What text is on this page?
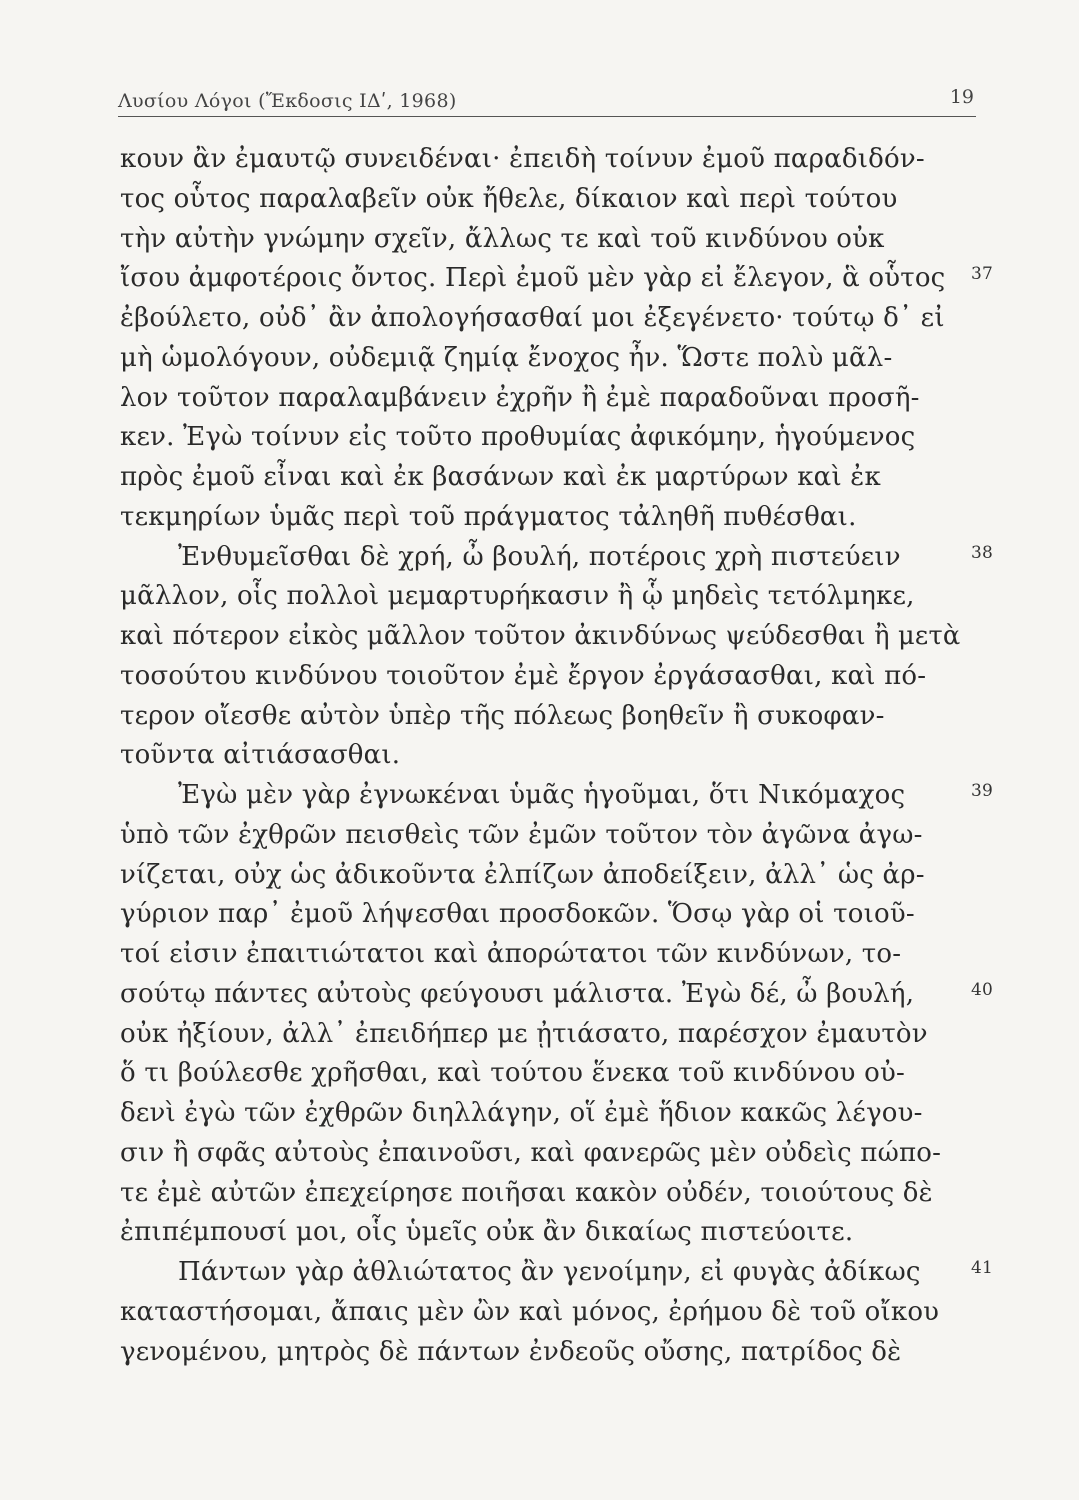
Λυσίου Λόγοι (Ἔκδοσις ΙΔʹ, 1968)	19
κουν ἂν ἐμαυτῷ συνειδέναι· ἐπειδὴ τοίνυν ἐμοῦ παραδιδόν-
τος οὗτος παραλαβεῖν οὐκ ἤθελε, δίκαιον καὶ περὶ τούτου
τὴν αὐτὴν γνώμην σχεῖν, ἄλλως τε καὶ τοῦ κινδύνου οὐκ
ἴσου ἀμφοτέροις ὄντος. Περὶ ἐμοῦ μὲν γὰρ εἰ ἔλεγον, ἃ οὗτος	37
ἐβούλετο, οὐδ᾽ ἂν ἀπολογήσασθαί μοι ἐξεγένετο· τούτῳ δ᾽ εἰ
μὴ ὡμολόγουν, οὐδεμιᾷ ζημίᾳ ἔνοχος ἦν. Ὥστε πολὺ μᾶλ-
λον τοῦτον παραλαμβάνειν ἐχρῆν ἢ ἐμὲ παραδοῦναι προσῆ-
κεν. Ἐγὼ τοίνυν εἰς τοῦτο προθυμίας ἀφικόμην, ἡγούμενος
πρὸς ἐμοῦ εἶναι καὶ ἐκ βασάνων καὶ ἐκ μαρτύρων καὶ ἐκ
τεκμηρίων ὑμᾶς περὶ τοῦ πράγματος τἀληθῆ πυθέσθαι.
Ἐνθυμεῖσθαι δὲ χρή, ὦ βουλή, ποτέροις χρὴ πιστεύειν	38
μᾶλλον, οἷς πολλοὶ μεμαρτυρήκασιν ἢ ᾧ μηδεὶς τετόλμηκε,
καὶ πότερον εἰκὸς μᾶλλον τοῦτον ἀκινδύνως ψεύδεσθαι ἢ μετὰ
τοσούτου κινδύνου τοιοῦτον ἐμὲ ἔργον ἐργάσασθαι, καὶ πό-
τερον οἴεσθε αὐτὸν ὑπὲρ τῆς πόλεως βοηθεῖν ἢ συκοφαν-
τοῦντα αἰτιάσασθαι.
Ἐγὼ μὲν γὰρ ἐγνωκέναι ὑμᾶς ἡγοῦμαι, ὅτι Νικόμαχος	39
ὑπὸ τῶν ἐχθρῶν πεισθεὶς τῶν ἐμῶν τοῦτον τὸν ἀγῶνα ἀγω-
νίζεται, οὐχ ὡς ἀδικοῦντα ἐλπίζων ἀποδείξειν, ἀλλ᾽ ὡς ἀρ-
γύριον παρ᾽ ἐμοῦ λήψεσθαι προσδοκῶν. Ὅσῳ γὰρ οἱ τοιοῦ-
τοί εἰσιν ἐπαιτιώτατοι καὶ ἀπορώτατοι τῶν κινδύνων, το-
σούτῳ πάντες αὐτοὺς φεύγουσι μάλιστα. Ἐγὼ δέ, ὦ βουλή,	40
οὐκ ἠξίουν, ἀλλ᾽ ἐπειδήπερ με ᾐτιάσατο, παρέσχον ἐμαυτὸν
ὅ τι βούλεσθε χρῆσθαι, καὶ τούτου ἕνεκα τοῦ κινδύνου οὐ-
δενὶ ἐγὼ τῶν ἐχθρῶν διηλλάγην, οἵ ἐμὲ ἥδιον κακῶς λέγου-
σιν ἢ σφᾶς αὐτοὺς ἐπαινοῦσι, καὶ φανερῶς μὲν οὐδεὶς πώπο-
τε ἐμὲ αὐτῶν ἐπεχείρησε ποιῆσαι κακὸν οὐδέν, τοιούτους δὲ
ἐπιπέμπουσί μοι, οἷς ὑμεῖς οὐκ ἂν δικαίως πιστεύοιτε.
Πάντων γὰρ ἀθλιώτατος ἂν γενοίμην, εἰ φυγὰς ἀδίκως	41
καταστήσομαι, ἄπαις μὲν ὢν καὶ μόνος, ἐρήμου δὲ τοῦ οἴκου
γενομένου, μητρὸς δὲ πάντων ἐνδεοῦς οὔσης, πατρίδος δὲ
